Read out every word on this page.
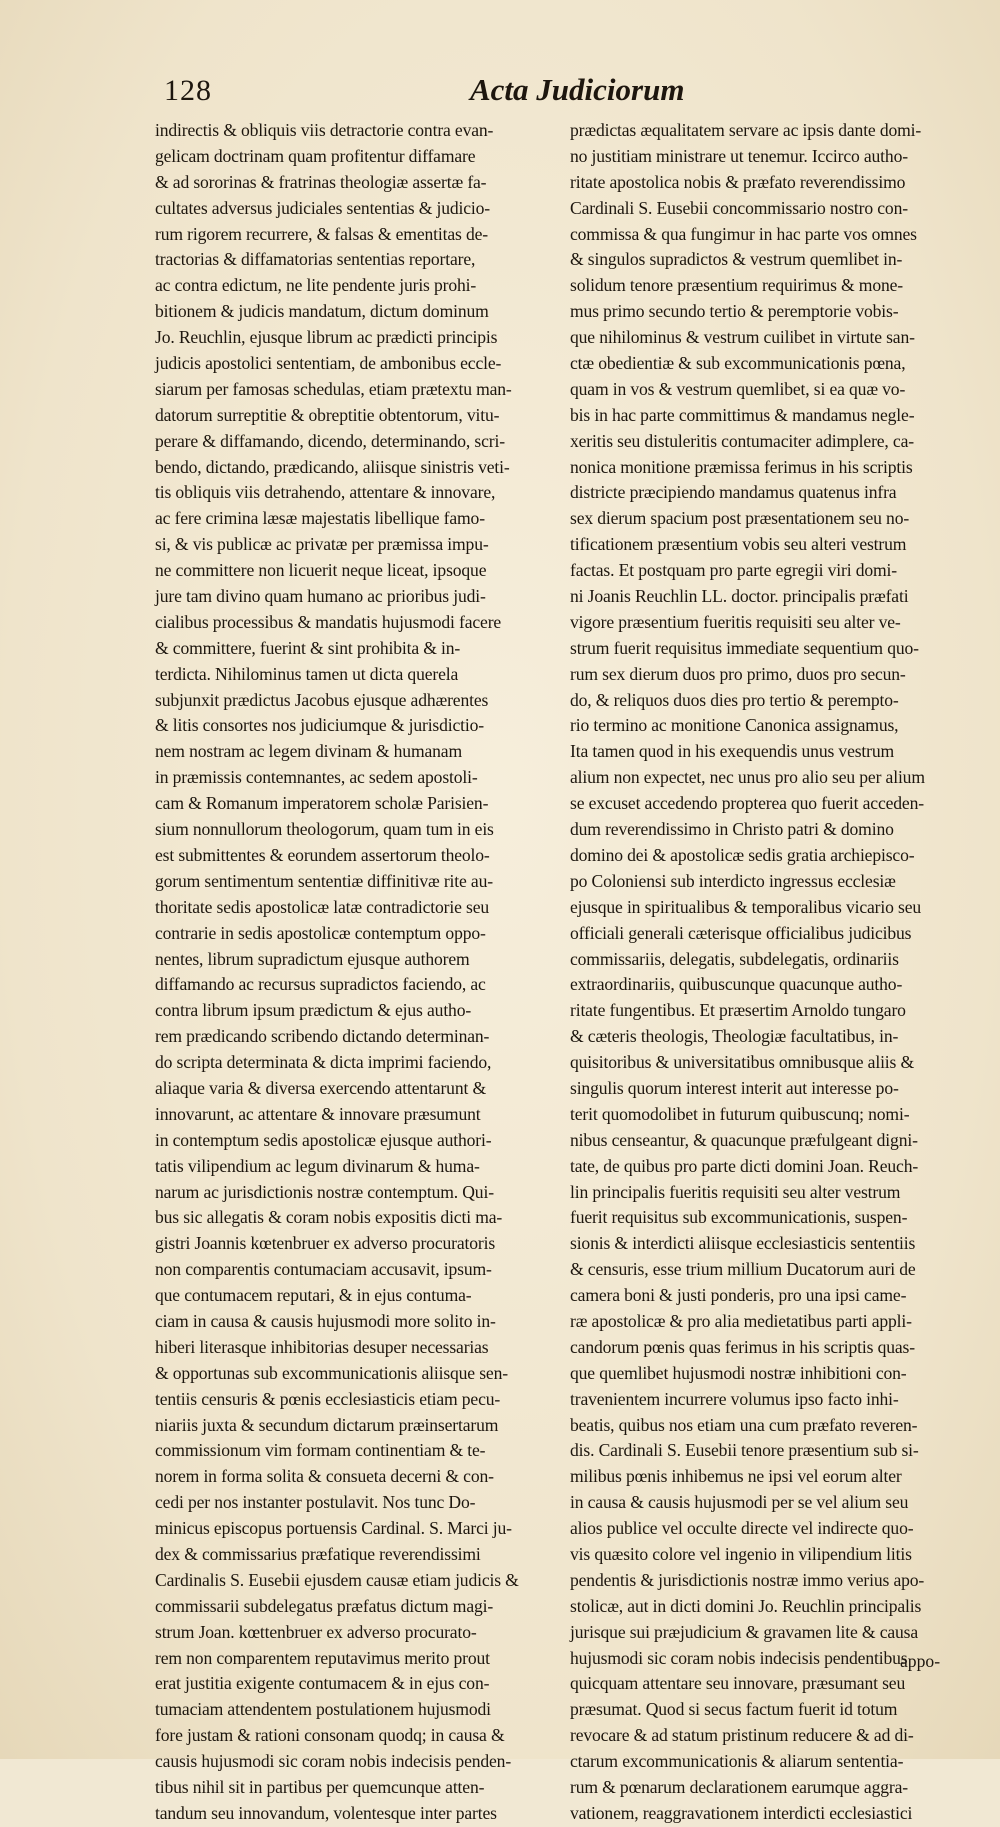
128	Acta Judiciorum
indirectis & obliquis viis detractorie contra evan-
gelicam doctrinam quam profitentur diffamare
& ad sororinas & fratrinas theologiæ assertæ fa-
cultates adversus judiciales sententias & judicio-
rum rigorem recurrere, & falsas & ementitas de-
tractorias & diffamatorias sententias reportare,
ac contra edictum, ne lite pendente juris prohi-
bitionem & judicis mandatum, dictum dominum
Jo. Reuchlin, ejusque librum ac prædicti principis
judicis apostolici sententiam, de ambonibus eccle-
siarum per famosas schedulas, etiam prætextu man-
datorum surreptitie & obreptitie obtentorum, vitu-
perare & diffamando, dicendo, determinando, scri-
bendo, dictando, prædicando, aliisque sinistris veti-
tis obliquis viis detrahendo, attentare & innovare,
ac fere crimina læsæ majestatis libellique famo-
si, & vis publicæ ac privatæ per præmissa impu-
ne committere non licuerit neque liceat, ipsoque
jure tam divino quam humano ac prioribus judi-
cialibus processibus & mandatis hujusmodi facere
& committere, fuerint & sint prohibita & in-
terdicta. Nihilominus tamen ut dicta querela
subjunxit prædictus Jacobus ejusque adhærentes
& litis consortes nos judiciumque & jurisdictio-
nem nostram ac legem divinam & humanam
in præmissis contemnantes, ac sedem apostoli-
cam & Romanum imperatorem scholæ Parisien-
sium nonnullorum theologorum, quam tum in eis
est submittentes & eorundem assertorum theolo-
gorum sentimentum sententiæ diffinitivæ rite au-
thoritate sedis apostolicæ latæ contradictorie seu
contrarie in sedis apostolicæ contemptum oppo-
nentes, librum supradictum ejusque authorem
diffamando ac recursus supradictos faciendo, ac
contra librum ipsum prædictum & ejus autho-
rem prædicando scribendo dictando determinan-
do scripta determinata & dicta imprimi faciendo,
aliaque varia & diversa exercendo attentarunt &
innovarunt, ac attentare & innovare præsumunt
in contemptum sedis apostolicæ ejusque authori-
tatis vilipendium ac legum divinarum & huma-
narum ac jurisdictionis nostræ contemptum. Qui-
bus sic allegatis & coram nobis expositis dicti ma-
gistri Joannis kœtenbruer ex adverso procuratoris
non comparentis contumaciam accusavit, ipsum-
que contumacem reputari, & in ejus contuma-
ciam in causa & causis hujusmodi more solito in-
hiberi literasque inhibitorias desuper necessarias
& opportunas sub excommunicationis aliisque sen-
tentiis censuris & pœnis ecclesiasticis etiam pecu-
niariis juxta & secundum dictarum præinsertarum
commissionum vim formam continentiam & te-
norem in forma solita & consueta decerni & con-
cedi per nos instanter postulavit. Nos tunc Do-
minicus episcopus portuensis Cardinal. S. Marci ju-
dex & commissarius præfatique reverendissimi
Cardinalis S. Eusebii ejusdem causæ etiam judicis &
commissarii subdelegatus præfatus dictum magi-
strum Joan. kœttenbruer ex adverso procurato-
rem non comparentem reputavimus merito prout
erat justitia exigente contumacem & in ejus con-
tumaciam attendentem postulationem hujusmodi
fore justam & rationi consonam quodq; in causa &
causis hujusmodi sic coram nobis indecisis penden-
tibus nihil sit in partibus per quemcunque atten-
tandum seu innovandum, volentesque inter partes
prædictas æqualitatem servare ac ipsis dante domi-
no justitiam ministrare ut tenemur. Iccirco autho-
ritate apostolica nobis & præfato reverendissimo
Cardinali S. Eusebii concommissario nostro con-
commissa & qua fungimur in hac parte vos omnes
& singulos supradictos & vestrum quemlibet in-
solidum tenore præsentium requirimus & mone-
mus primo secundo tertio & peremptorie vobis-
que nihilominus & vestrum cuilibet in virtute san-
ctæ obedientiæ & sub excommunicationis pœna,
quam in vos & vestrum quemlibet, si ea quæ vo-
bis in hac parte committimus & mandamus negle-
xeritis seu distuleritis contumaciter adimplere, ca-
nonica monitione præmissa ferimus in his scriptis
districte præcipiendo mandamus quatenus infra
sex dierum spacium post præsentationem seu no-
tificationem præsentium vobis seu alteri vestrum
factas. Et postquam pro parte egregii viri domi-
ni Joanis Reuchlin LL. doctor. principalis præfati
vigore præsentium fueritis requisiti seu alter ve-
strum fuerit requisitus immediate sequentium quo-
rum sex dierum duos pro primo, duos pro secun-
do, & reliquos duos dies pro tertio & perempto-
rio termino ac monitione Canonica assignamus,
Ita tamen quod in his exequendis unus vestrum
alium non expectet, nec unus pro alio seu per alium
se excuset accedendo propterea quo fuerit acceden-
dum reverendissimo in Christo patri & domino
domino dei & apostolicæ sedis gratia archiepisco-
po Coloniensi sub interdicto ingressus ecclesiæ
ejusque in spiritualibus & temporalibus vicario seu
officiali generali cæterisque officialibus judicibus
commissariis, delegatis, subdelegatis, ordinariis
extraordinariis, quibuscunque quacunque autho-
ritate fungentibus. Et præsertim Arnoldo tungaro
& cæteris theologis, Theologiæ facultatibus, in-
quisitoribus & universitatibus omnibusque aliis &
singulis quorum interest interit aut interesse po-
terit quomodolibet in futurum quibuscunq; nomi-
nibus censeantur, & quacunque præfulgeant digni-
tate, de quibus pro parte dicti domini Joan. Reuch-
lin principalis fueritis requisiti seu alter vestrum
fuerit requisitus sub excommunicationis, suspen-
sionis & interdicti aliisque ecclesiasticis sententiis
& censuris, esse trium millium Ducatorum auri de
camera boni & justi ponderis, pro una ipsi came-
ræ apostolicæ & pro alia medietatibus parti appli-
candorum pœnis quas ferimus in his scriptis quas-
que quemlibet hujusmodi nostræ inhibitioni con-
travenientem incurrere volumus ipso facto inhi-
beatis, quibus nos etiam una cum præfato reveren-
dis. Cardinali S. Eusebii tenore præsentium sub si-
milibus pœnis inhibemus ne ipsi vel eorum alter
in causa & causis hujusmodi per se vel alium seu
alios publice vel occulte directe vel indirecte quo-
vis quæsito colore vel ingenio in vilipendium litis
pendentis & jurisdictionis nostræ immo verius apo-
stolicæ, aut in dicti domini Jo. Reuchlin principalis
jurisque sui præjudicium & gravamen lite & causa
hujusmodi sic coram nobis indecisis pendentibus
quicquam attentare seu innovare, præsumant seu
præsumat. Quod si secus factum fuerit id totum
revocare & ad statum pristinum reducere & ad di-
ctarum excommunicationis & aliarum sententia-
rum & pœnarum declarationem earumque aggra-
vationem, reaggravationem interdicti ecclesiastici
appo-
